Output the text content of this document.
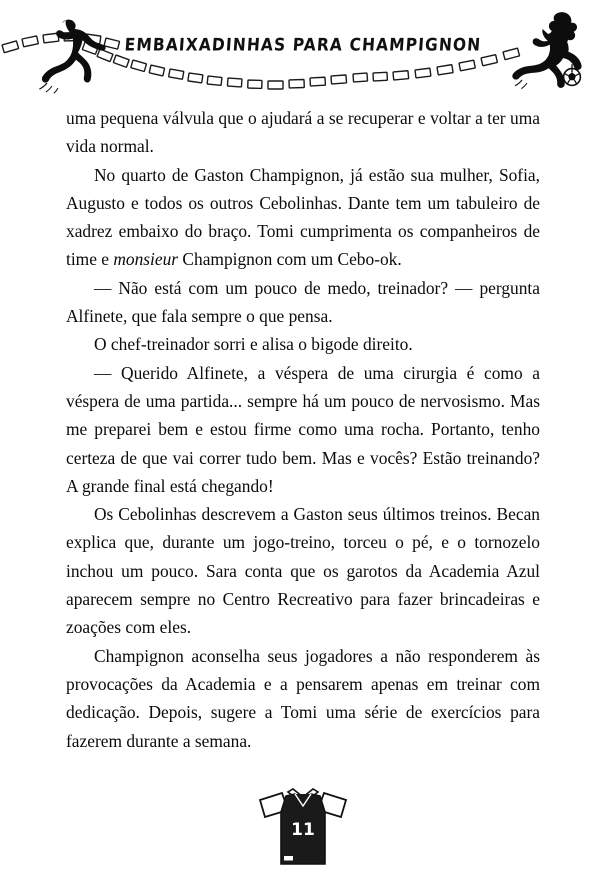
EMBAIXADINHAS PARA CHAMPIGNON

uma pequena válvula que o ajudará a se recuperar e voltar a ter uma vida normal.

No quarto de Gaston Champignon, já estão sua mulher, Sofia, Augusto e todos os outros Cebolinhas. Dante tem um tabuleiro de xadrez embaixo do braço. Tomi cumprimenta os companheiros de time e monsieur Champignon com um Cebo-ok.

— Não está com um pouco de medo, treinador? — pergunta Alfinete, que fala sempre o que pensa.

O chef-treinador sorri e alisa o bigode direito.

— Querido Alfinete, a véspera de uma cirurgia é como a véspera de uma partida... sempre há um pouco de nervosismo. Mas me preparei bem e estou firme como uma rocha. Portanto, tenho certeza de que vai correr tudo bem. Mas e vocês? Estão treinando? A grande final está chegando!

Os Cebolinhas descrevem a Gaston seus últimos treinos. Becan explica que, durante um jogo-treino, torceu o pé, e o tornozelo inchou um pouco. Sara conta que os garotos da Academia Azul aparecem sempre no Centro Recreativo para fazer brincadeiras e zoações com eles.

Champignon aconselha seus jogadores a não responderem às provocações da Academia e a pensarem apenas em treinar com dedicação. Depois, sugere a Tomi uma série de exercícios para fazerem durante a semana.

11
